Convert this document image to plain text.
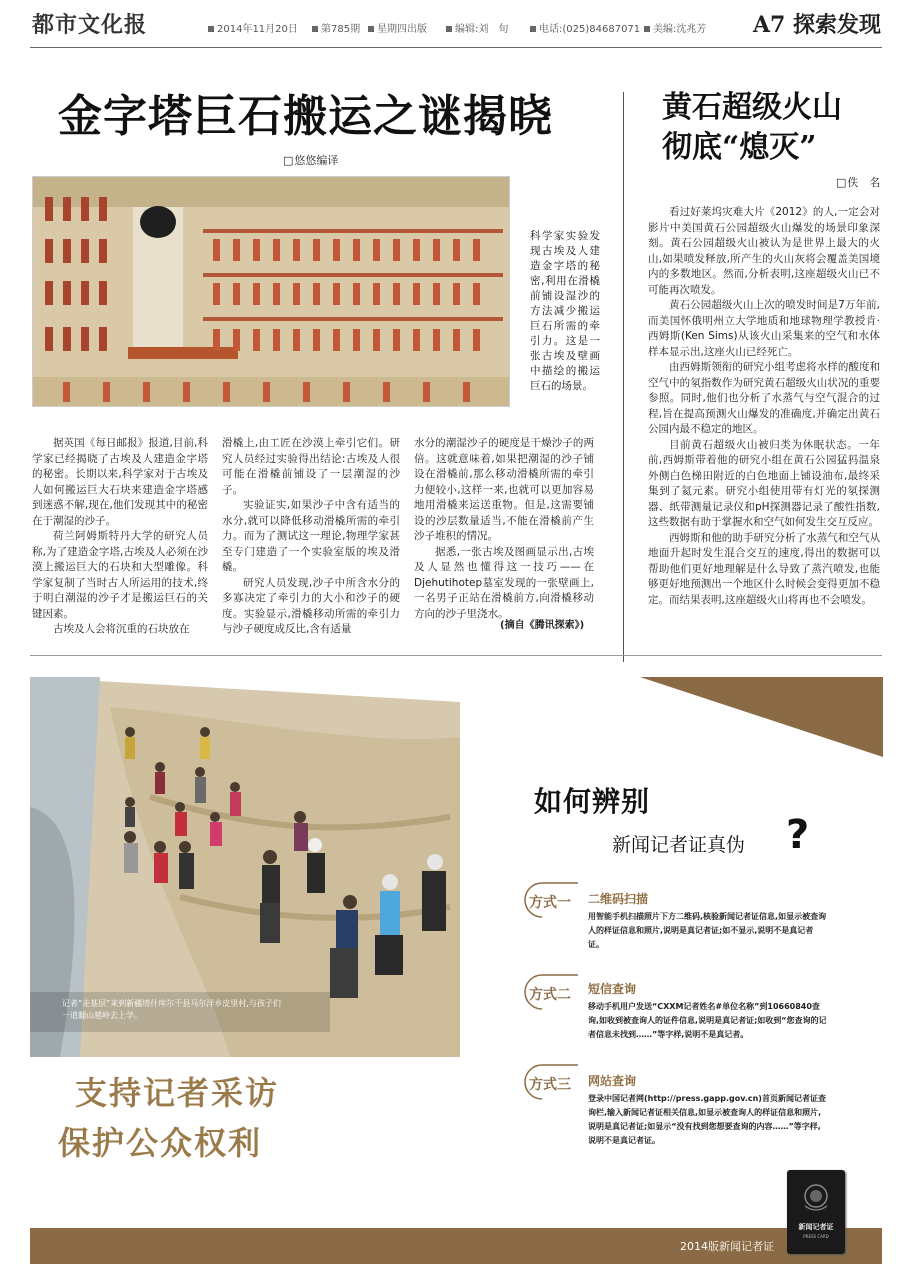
都市文化报	2014年11月20日	第785期	星期四出版	编辑:刘　旬	电话:(025)84687071	美编:沈兆芳 A7 探索发现
金字塔巨石搬运之谜揭晓
□ 悠悠编译
科学家实验发现古埃及人建造金字塔的秘密,利用在滑橇前铺设湿沙的方法减少搬运巨石所需的牵引力。这是一张古埃及壁画中描绘的搬运巨石的场景。

据英国《每日邮报》报道,目前,科学家已经揭晓了古埃及人建造金字塔的秘密。长期以来,科学家对于古埃及人如何搬运巨大石块来建造金字塔感到迷惑不解,现在,他们发现其中的秘密在于潮湿的沙子。

荷兰阿姆斯特丹大学的研究人员称,为了建造金字塔,古埃及人必须在沙漠上搬运巨大的石块和大型雕像。科学家复制了当时古人所运用的技术,终于明白潮湿的沙子才是搬运巨石的关键因素。

古埃及人会将沉重的石块放在

滑橇上,由工匠在沙漠上牵引它们。研究人员经过实验得出结论:古埃及人很可能在滑橇前铺设了一层潮湿的沙子。

实验证实,如果沙子中含有适当的水分,就可以降低移动滑橇所需的牵引力。而为了测试这一理论,物理学家甚至专门建造了一个实验室版的埃及滑橇。

研究人员发现,沙子中所含水分的多寡决定了牵引力的大小和沙子的硬度。实验显示,滑橇移动所需的牵引力与沙子硬度成反比,含有适量

水分的潮湿沙子的硬度是干燥沙子的两倍。这就意味着,如果把潮湿的沙子铺设在滑橇前,那么移动滑橇所需的牵引力便较小,这样一来,也就可以更加容易地用滑橇来运送重物。但是,这需要铺设的沙层数量适当,不能在滑橇前产生沙子堆积的情况。

据悉,一张古埃及图画显示出,古埃及人显然也懂得这一技巧——在Djehutihotep墓室发现的一张壁画上,一名男子正站在滑橇前方,向滑橇移动方向的沙子里浇水。

(摘自《腾讯探索》)
黄石超级火山
彻底“熄灭”
□ 佚　名

看过好莱坞灾难大片《2012》的人,一定会对影片中美国黄石公园超级火山爆发的场景印象深刻。黄石公园超级火山被认为是世界上最大的火山,如果喷发释放,所产生的火山灰将会覆盖美国境内的多数地区。然而,分析表明,这座超级火山已不可能再次喷发。

黄石公园超级火山上次的喷发时间是7万年前,而美国怀俄明州立大学地质和地球物理学教授肯·西姆斯(Ken Sims)从该火山采集来的空气和水体样本显示出,这座火山已经死亡。

由西姆斯领衔的研究小组考虑将水样的酸度和空气中的氡指数作为研究黄石超级火山状况的重要参照。同时,他们也分析了水蒸气与空气混合的过程,旨在提高预测火山爆发的准确度,并确定出黄石公园内最不稳定的地区。

目前黄石超级火山被归类为休眠状态。一年前,西姆斯带着他的研究小组在黄石公园猛犸温泉外侧白色梯田附近的白色地面上铺设油布,最终采集到了氦元素。研究小组使用带有灯光的氡探测器、纸带测量记录仪和pH探测器记录了酸性指数,这些数据有助于掌握水和空气如何发生交互反应。

西姆斯和他的助手研究分析了水蒸气和空气从地面升起时发生混合交互的速度,得出的数据可以帮助他们更好地理解是什么导致了蒸汽喷发,也能够更好地预测出一个地区什么时候会变得更加不稳定。而结果表明,这座超级火山将再也不会喷发。

记者“走基层”来到新疆塔什库尔干县马尔洋乡皮里村,与孩子们一道翻山越岭去上学。
如何辨别
新闻记者证真伪 ?
方式一 二维码扫描
用智能手机扫描照片下方二维码,核验新闻记者证信息,如显示被查询人的样证信息和照片,说明是真记者证;如不显示,说明不是真记者证。
方式二 短信查询
移动手机用户发送“CXXM记者姓名#单位名称”到10660840查询,如收到被查询人的证件信息,说明是真记者证;如收到“您查询的记者信息未找到……”等字样,说明不是真记者。
方式三 网站查询
登录中国记者网(http://press.gapp.gov.cn)首页新闻记者证查询栏,输入新闻记者证相关信息,如显示被查询人的样证信息和照片,说明是真记者证;如显示“没有找到您想要查询的内容……”等字样,说明不是真记者证。
支持记者采访
保护公众权利
2014版新闻记者证
新闻记者证
PRESS CARD
